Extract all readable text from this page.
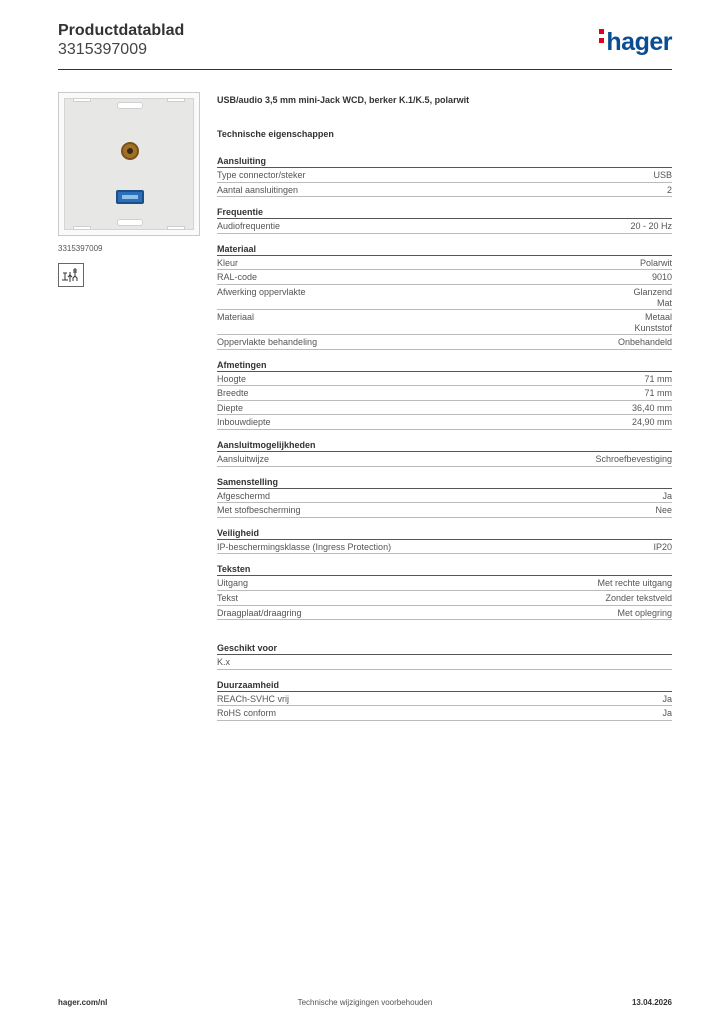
Productdatablad
3315397009	hager
3315397009
USB/audio 3,5 mm mini-Jack WCD, berker K.1/K.5, polarwit
Technische eigenschappen
Aansluiting
Type connector/steker	USB
Aantal aansluitingen	2
Frequentie
Audiofrequentie	20 - 20 Hz
Materiaal
Kleur	Polarwit
RAL-code	9010
Afwerking oppervlakte	Glanzend
Mat
Materiaal	Metaal
Kunststof
Oppervlakte behandeling	Onbehandeld
Afmetingen
Hoogte	71 mm
Breedte	71 mm
Diepte	36,40 mm
Inbouwdiepte	24,90 mm
Aansluitmogelijkheden
Aansluitwijze	Schroefbevestiging
Samenstelling
Afgeschermd	Ja
Met stofbescherming	Nee
Veiligheid
IP-beschermingsklasse (Ingress Protection)	IP20
Teksten
Uitgang	Met rechte uitgang
Tekst	Zonder tekstveld
Draagplaat/draagring	Met oplegring
Geschikt voor
K.x
Duurzaamheid
REACh-SVHC vrij	Ja
RoHS conform	Ja
hager.com/nl	Technische wijzigingen voorbehouden	13.04.2026
